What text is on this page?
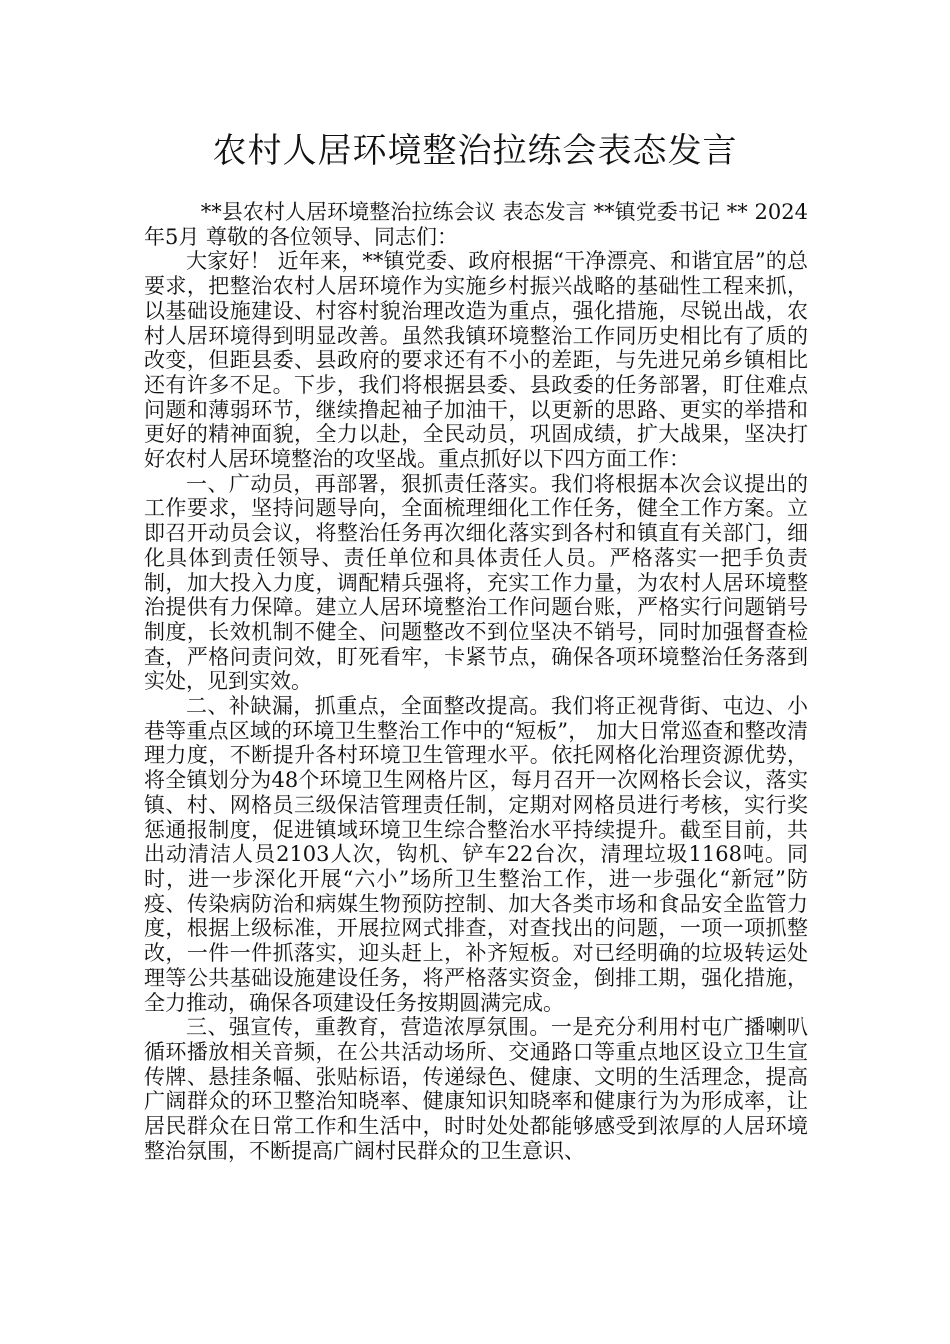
农村人居环境整治拉练会表态发言

**县农村人居环境整治拉练会议 表态发言 **镇党委书记 ** 2024年5月 尊敬的各位领导、同志们：

大家好！ 近年来，**镇党委、政府根据“干净漂亮、和谐宜居”的总要求，把整治农村人居环境作为实施乡村振兴战略的基础性工程来抓，以基础设施建设、村容村貌治理改造为重点，强化措施，尽锐出战，农村人居环境得到明显改善。虽然我镇环境整治工作同历史相比有了质的改变，但距县委、县政府的要求还有不小的差距，与先进兄弟乡镇相比还有许多不足。下步，我们将根据县委、县政委的任务部署，盯住难点问题和薄弱环节，继续撸起袖子加油干，以更新的思路、更实的举措和更好的精神面貌，全力以赴，全民动员，巩固成绩，扩大战果，坚决打好农村人居环境整治的攻坚战。重点抓好以下四方面工作：

一、广动员，再部署，狠抓责任落实。我们将根据本次会议提出的工作要求，坚持问题导向，全面梳理细化工作任务，健全工作方案。立即召开动员会议，将整治任务再次细化落实到各村和镇直有关部门，细化具体到责任领导、责任单位和具体责任人员。严格落实一把手负责制，加大投入力度，调配精兵强将，充实工作力量，为农村人居环境整治提供有力保障。建立人居环境整治工作问题台账，严格实行问题销号制度，长效机制不健全、问题整改不到位坚决不销号，同时加强督查检查，严格问责问效，盯死看牢，卡紧节点，确保各项环境整治任务落到实处，见到实效。

二、补缺漏，抓重点，全面整改提高。我们将正视背街、屯边、小巷等重点区域的环境卫生整治工作中的“短板”， 加大日常巡查和整改清理力度，不断提升各村环境卫生管理水平。依托网格化治理资源优势，将全镇划分为48个环境卫生网格片区，每月召开一次网格长会议，落实镇、村、网格员三级保洁管理责任制，定期对网格员进行考核，实行奖惩通报制度，促进镇域环境卫生综合整治水平持续提升。截至目前，共出动清洁人员2103人次，钩机、铲车22台次，清理垃圾1168吨。同时，进一步深化开展“六小”场所卫生整治工作，进一步强化“新冠”防疫、传染病防治和病媒生物预防控制、加大各类市场和食品安全监管力度，根据上级标准，开展拉网式排查，对查找出的问题，一项一项抓整改，一件一件抓落实，迎头赶上，补齐短板。对已经明确的垃圾转运处理等公共基础设施建设任务，将严格落实资金，倒排工期，强化措施，全力推动，确保各项建设任务按期圆满完成。

三、强宣传，重教育，营造浓厚氛围。一是充分利用村屯广播喇叭循环播放相关音频，在公共活动场所、交通路口等重点地区设立卫生宣传牌、悬挂条幅、张贴标语，传递绿色、健康、文明的生活理念，提高广阔群众的环卫整治知晓率、健康知识知晓率和健康行为为形成率，让居民群众在日常工作和生活中，时时处处都能够感受到浓厚的人居环境整治氛围，不断提高广阔村民群众的卫生意识、
